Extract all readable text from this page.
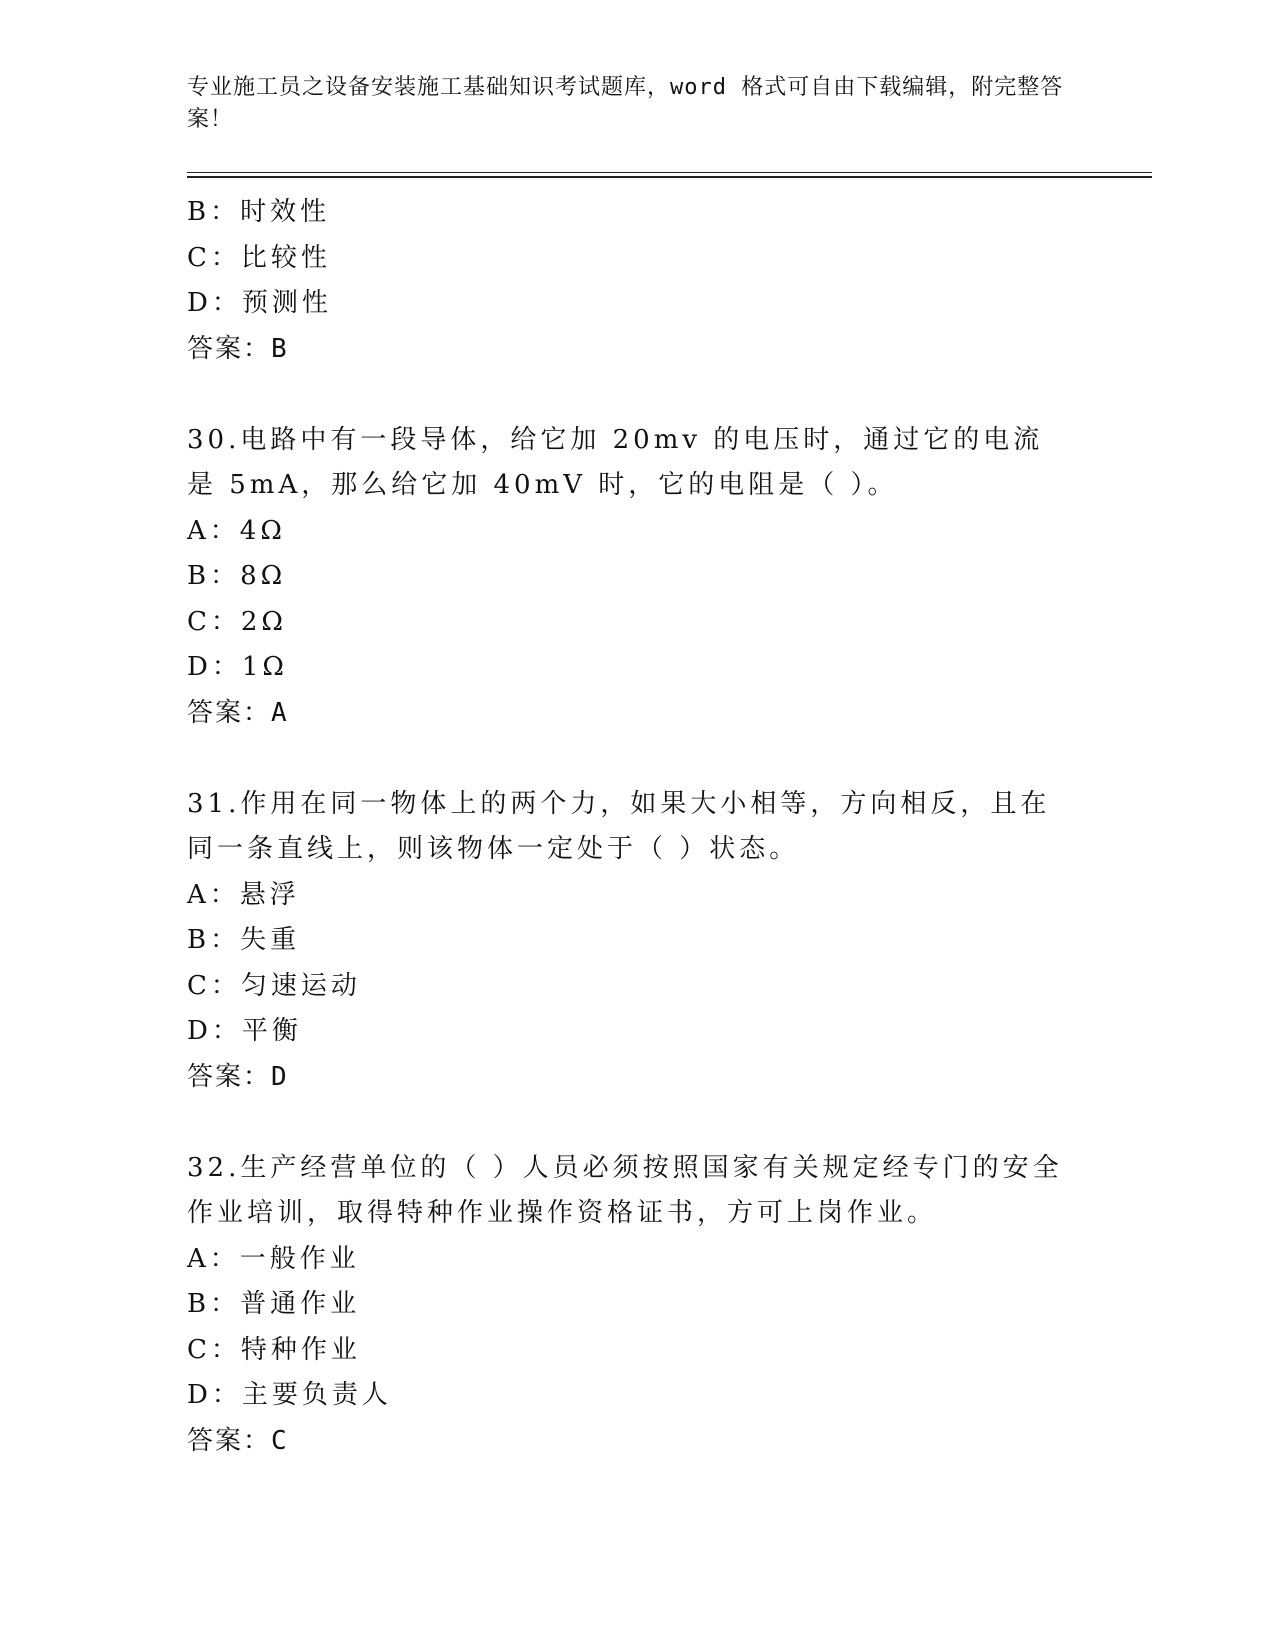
专业施工员之设备安装施工基础知识考试题库，word 格式可自由下载编辑，附完整答案！
B：时效性
C：比较性
D：预测性
答案：B
30.电路中有一段导体，给它加 20mv 的电压时，通过它的电流是 5mA，那么给它加 40mV 时，它的电阻是（ ）。
A：4Ω
B：8Ω
C：2Ω
D：1Ω
答案：A
31.作用在同一物体上的两个力，如果大小相等，方向相反，且在同一条直线上，则该物体一定处于（ ）状态。
A：悬浮
B：失重
C：匀速运动
D：平衡
答案：D
32.生产经营单位的（ ）人员必须按照国家有关规定经专门的安全作业培训，取得特种作业操作资格证书，方可上岗作业。
A：一般作业
B：普通作业
C：特种作业
D：主要负责人
答案：C
